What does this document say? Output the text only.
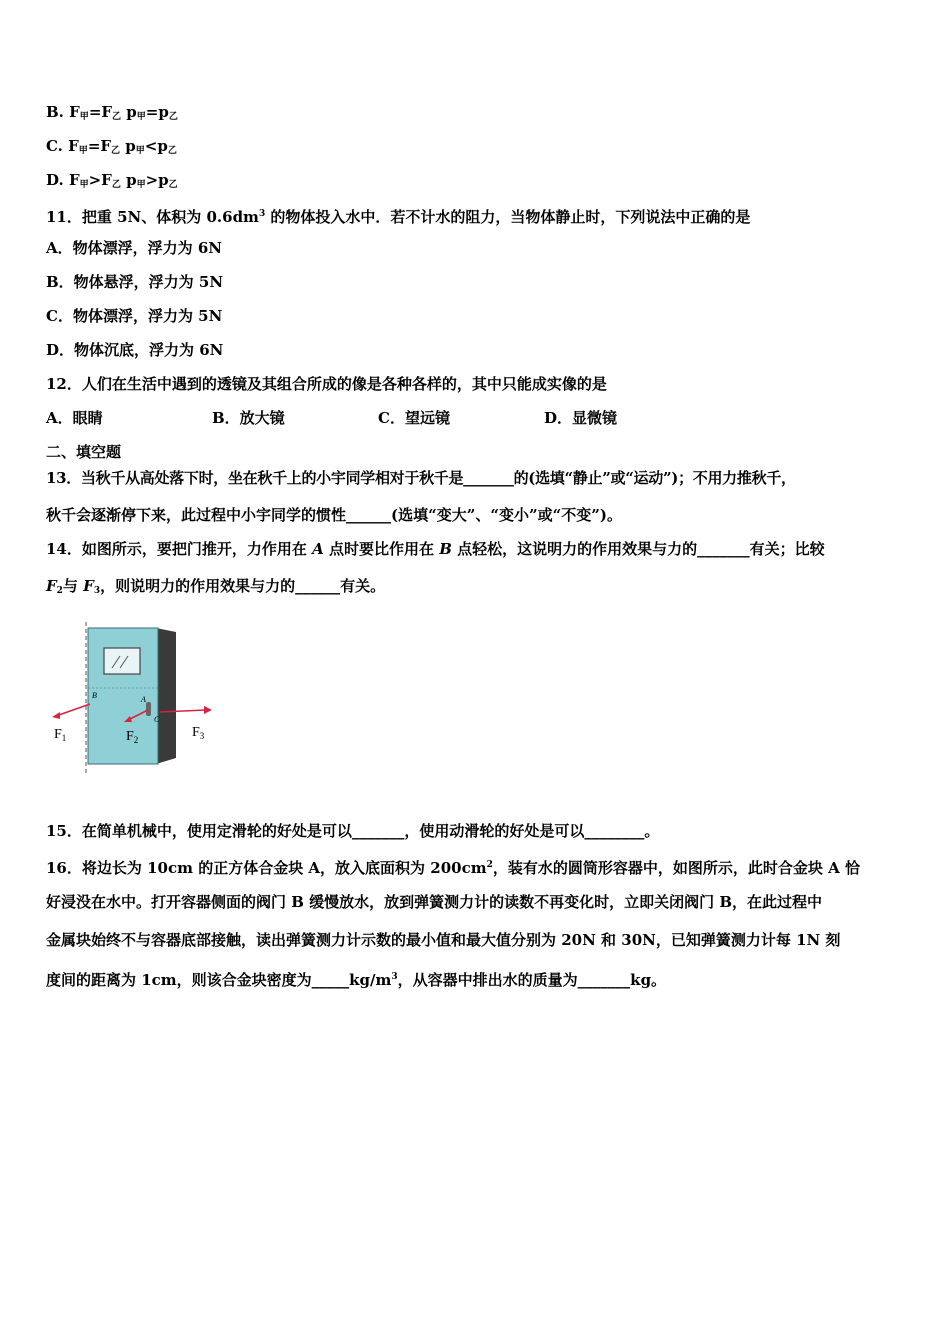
B. $F_甲=F_乙$ $p_甲=p_乙$
C. $F_甲=F_乙$ $p_甲<p_乙$
D. $F_甲>F_乙$ $p_甲>p_乙$
11．把重 5N、体积为 $0.6dm^3$ 的物体投入水中．若不计水的阻力，当物体静止时，下列说法中正确的是
A．物体漂浮，浮力为 6N
B．物体悬浮，浮力为 5N
C．物体漂浮，浮力为 5N
D．物体沉底，浮力为 6N
12．人们在生活中遇到的透镜及其组合所成的像是各种各样的，其中只能成实像的是
A．眼睛	B．放大镜	C．望远镜	D．显微镜
二、填空题
13．当秋千从高处落下时，坐在秋千上的小宇同学相对于秋千是_______的(选填“静止”或“运动”)；不用力推秋千，
秋千会逐渐停下来，此过程中小宇同学的惯性______(选填“变大”、“变小”或“不变”)。
14．如图所示，要把门推开，力作用在 A 点时要比作用在 B 点轻松，这说明力的作用效果与力的_______有关；比较
$F_2$与 $F_3$，则说明力的作用效果与力的______有关。
B	A
C
$F_1$	$F_2$	$F_3$
15．在简单机械中，使用定滑轮的好处是可以_______，使用动滑轮的好处是可以________。
16．将边长为 10cm 的正方体合金块 A，放入底面积为 $200cm^2$，装有水的圆筒形容器中，如图所示，此时合金块 A 恰
好浸没在水中。打开容器侧面的阀门 B 缓慢放水，放到弹簧测力计的读数不再变化时，立即关闭阀门 B，在此过程中
金属块始终不与容器底部接触，读出弹簧测力计示数的最小值和最大值分别为 20N 和 30N，已知弹簧测力计每 1N 刻
度间的距离为 1cm，则该合金块密度为$\_\_\_\_\_kg/m^3$，从容器中排出水的质量为_______kg。
